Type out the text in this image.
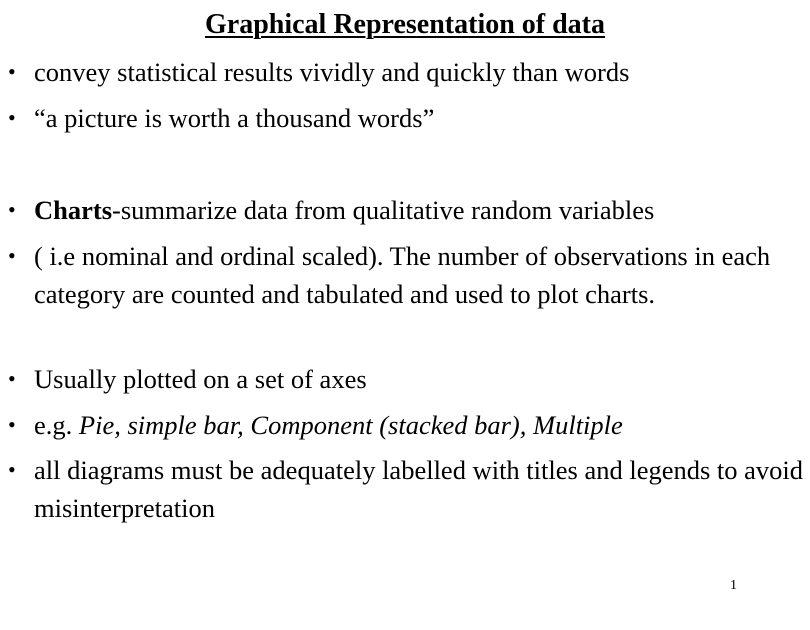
Graphical Representation of data
• convey statistical results vividly and quickly than words
• “a picture is worth a thousand words”
• Charts-summarize data from qualitative random variables
• ( i.e nominal and ordinal scaled). The number of observations in each category are counted and tabulated and used to plot charts.
• Usually plotted on a set of axes
• e.g. Pie, simple bar, Component (stacked bar), Multiple
• all diagrams must be adequately labelled with titles and legends to avoid misinterpretation
1
